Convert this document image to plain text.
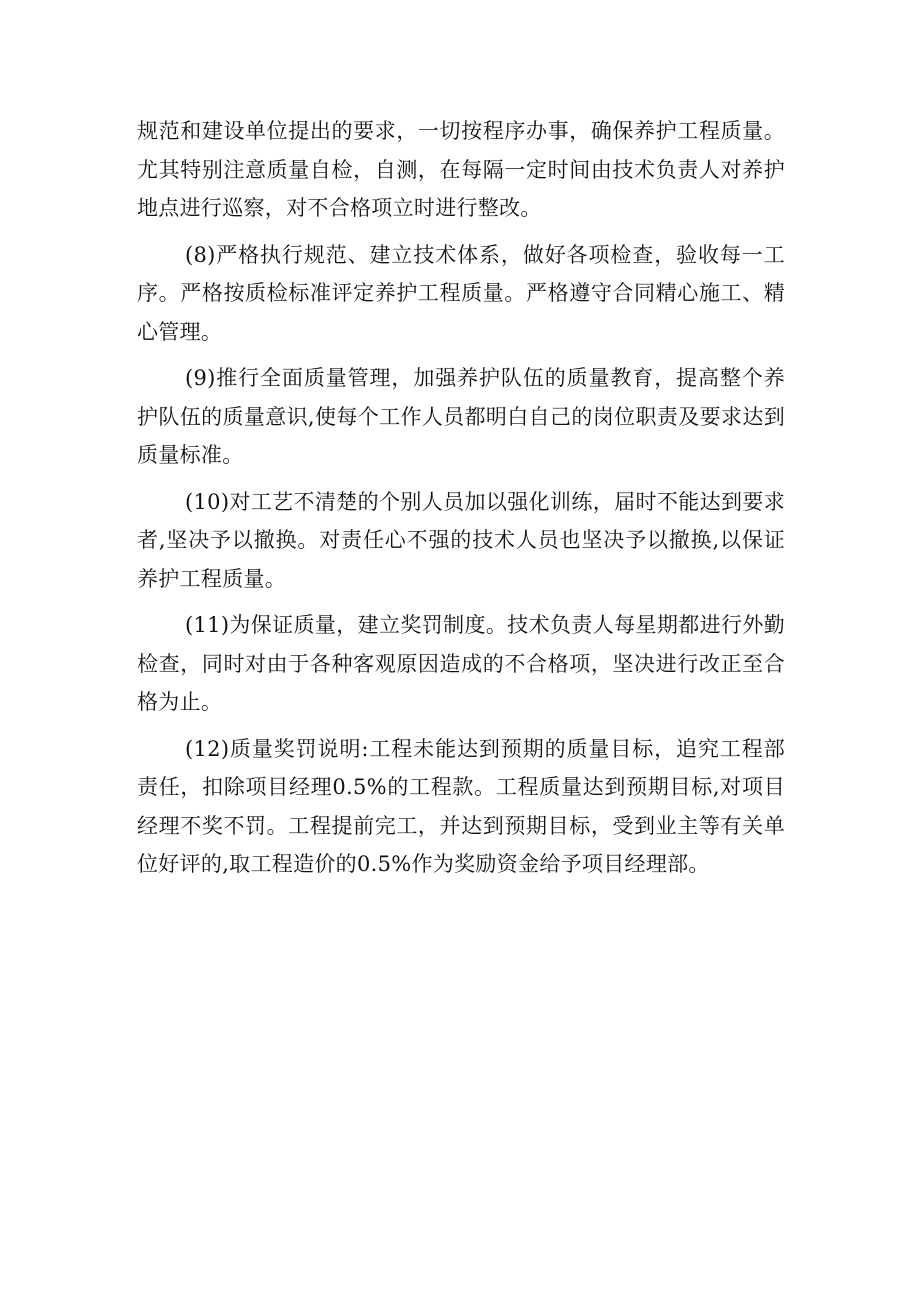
规范和建设单位提出的要求，一切按程序办事，确保养护工程质量。尤其特别注意质量自检，自测，在每隔一定时间由技术负责人对养护地点进行巡察，对不合格项立时进行整改。

(8)严格执行规范、建立技术体系，做好各项检查，验收每一工序。严格按质检标准评定养护工程质量。严格遵守合同精心施工、精心管理。

(9)推行全面质量管理，加强养护队伍的质量教育，提高整个养护队伍的质量意识,使每个工作人员都明白自己的岗位职责及要求达到质量标准。

(10)对工艺不清楚的个别人员加以强化训练，届时不能达到要求者,坚决予以撤换。对责任心不强的技术人员也坚决予以撤换,以保证养护工程质量。

(11)为保证质量，建立奖罚制度。技术负责人每星期都进行外勤检查，同时对由于各种客观原因造成的不合格项，坚决进行改正至合格为止。

(12)质量奖罚说明:工程未能达到预期的质量目标，追究工程部责任，扣除项目经理0.5%的工程款。工程质量达到预期目标,对项目经理不奖不罚。工程提前完工，并达到预期目标，受到业主等有关单位好评的,取工程造价的0.5%作为奖励资金给予项目经理部。
